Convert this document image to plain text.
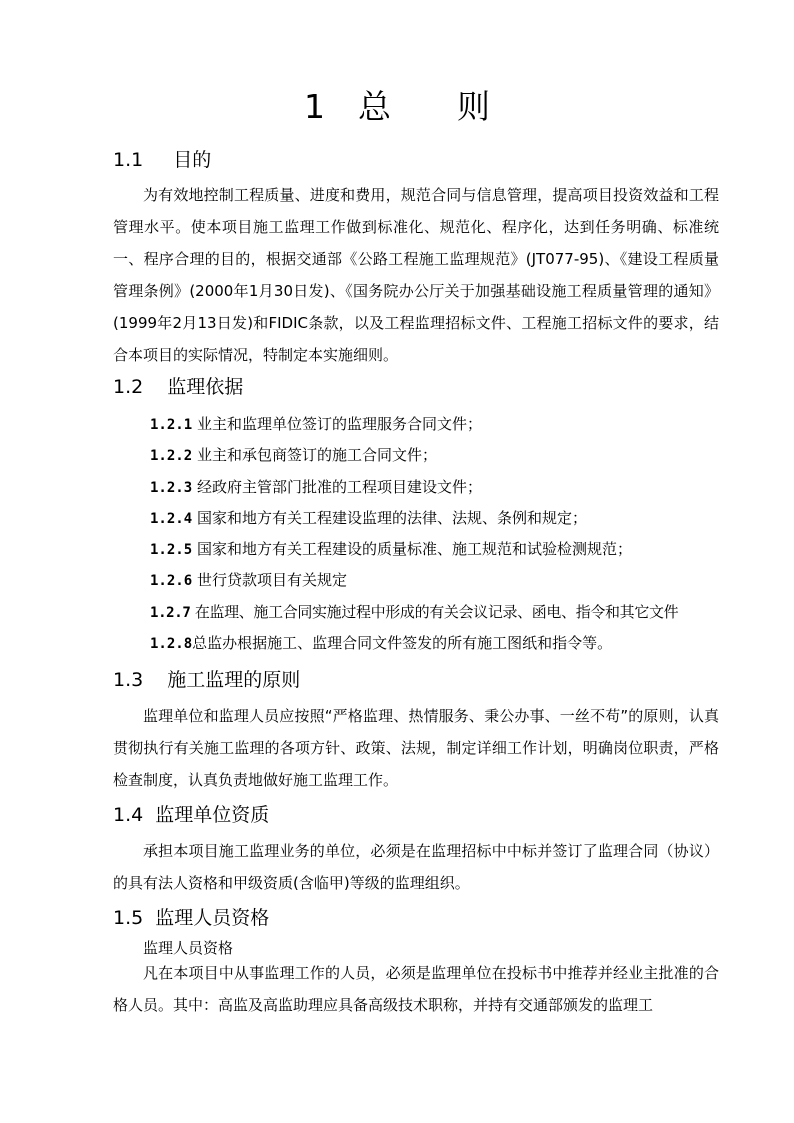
1　总　　则
1.1 目的

为有效地控制工程质量、进度和费用，规范合同与信息管理，提高项目投资效益和工程管理水平。使本项目施工监理工作做到标准化、规范化、程序化，达到任务明确、标准统一、程序合理的目的，根据交通部《公路工程施工监理规范》(JT077-95)、《建设工程质量管理条例》(2000年1月30日发)、《国务院办公厅关于加强基础设施工程质量管理的通知》(1999年2月13日发)和FIDIC条款，以及工程监理招标文件、工程施工招标文件的要求，结合本项目的实际情况，特制定本实施细则。

1.2 监理依据
1.2.1 业主和监理单位签订的监理服务合同文件；
1.2.2 业主和承包商签订的施工合同文件；
1.2.3 经政府主管部门批准的工程项目建设文件；
1.2.4 国家和地方有关工程建设监理的法律、法规、条例和规定；
1.2.5 国家和地方有关工程建设的质量标准、施工规范和试验检测规范；
1.2.6 世行贷款项目有关规定
1.2.7 在监理、施工合同实施过程中形成的有关会议记录、函电、指令和其它文件
1.2.8总监办根据施工、监理合同文件签发的所有施工图纸和指令等。
1.3 施工监理的原则

监理单位和监理人员应按照“严格监理、热情服务、秉公办事、一丝不苟”的原则，认真贯彻执行有关施工监理的各项方针、政策、法规，制定详细工作计划，明确岗位职责，严格检查制度，认真负责地做好施工监理工作。

1.4 监理单位资质

承担本项目施工监理业务的单位，必须是在监理招标中中标并签订了监理合同（协议）的具有法人资格和甲级资质(含临甲)等级的监理组织。

1.5 监理人员资格
监理人员资格

凡在本项目中从事监理工作的人员，必须是监理单位在投标书中推荐并经业主批准的合格人员。其中：高监及高监助理应具备高级技术职称，并持有交通部颁发的监理工
